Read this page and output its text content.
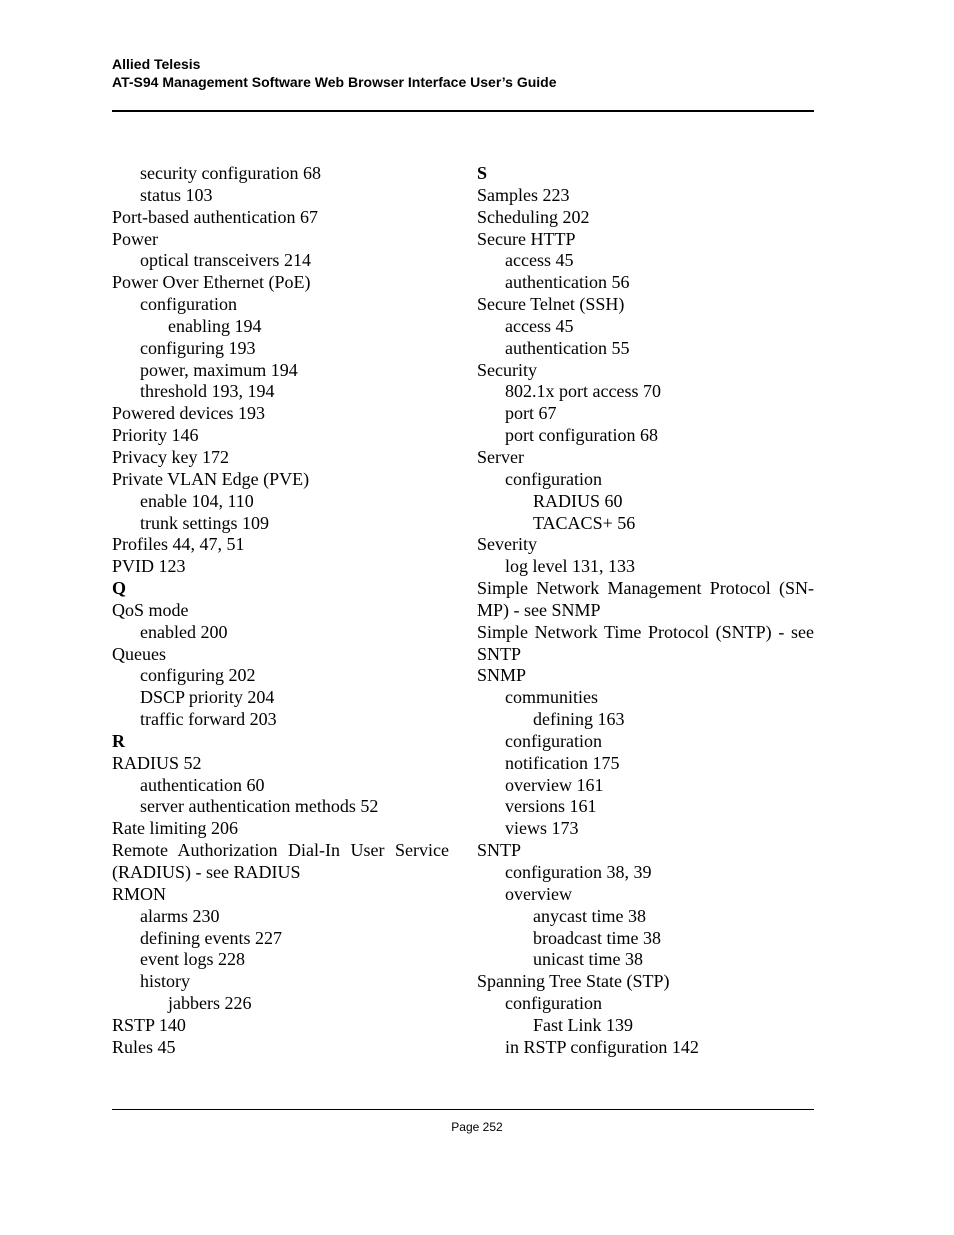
Allied Telesis
AT-S94 Management Software Web Browser Interface User’s Guide
security configuration 68
status 103
Port-based authentication 67
Power
optical transceivers 214
Power Over Ethernet (PoE)
configuration
enabling 194
configuring 193
power, maximum 194
threshold 193, 194
Powered devices 193
Priority 146
Privacy key 172
Private VLAN Edge (PVE)
enable 104, 110
trunk settings 109
Profiles 44, 47, 51
PVID 123
Q
QoS mode
enabled 200
Queues
configuring 202
DSCP priority 204
traffic forward 203
R
RADIUS 52
authentication 60
server authentication methods 52
Rate limiting 206
Remote Authorization Dial-In User Service
(RADIUS) - see RADIUS
RMON
alarms 230
defining events 227
event logs 228
history
jabbers 226
RSTP 140
Rules 45
S
Samples 223
Scheduling 202
Secure HTTP
access 45
authentication 56
Secure Telnet (SSH)
access 45
authentication 55
Security
802.1x port access 70
port 67
port configuration 68
Server
configuration
RADIUS 60
TACACS+ 56
Severity
log level 131, 133
Simple Network Management Protocol (SN-
MP) - see SNMP
Simple Network Time Protocol (SNTP) - see
SNTP
SNMP
communities
defining 163
configuration
notification 175
overview 161
versions 161
views 173
SNTP
configuration 38, 39
overview
anycast time 38
broadcast time 38
unicast time 38
Spanning Tree State (STP)
configuration
Fast Link 139
in RSTP configuration 142
Page 252
